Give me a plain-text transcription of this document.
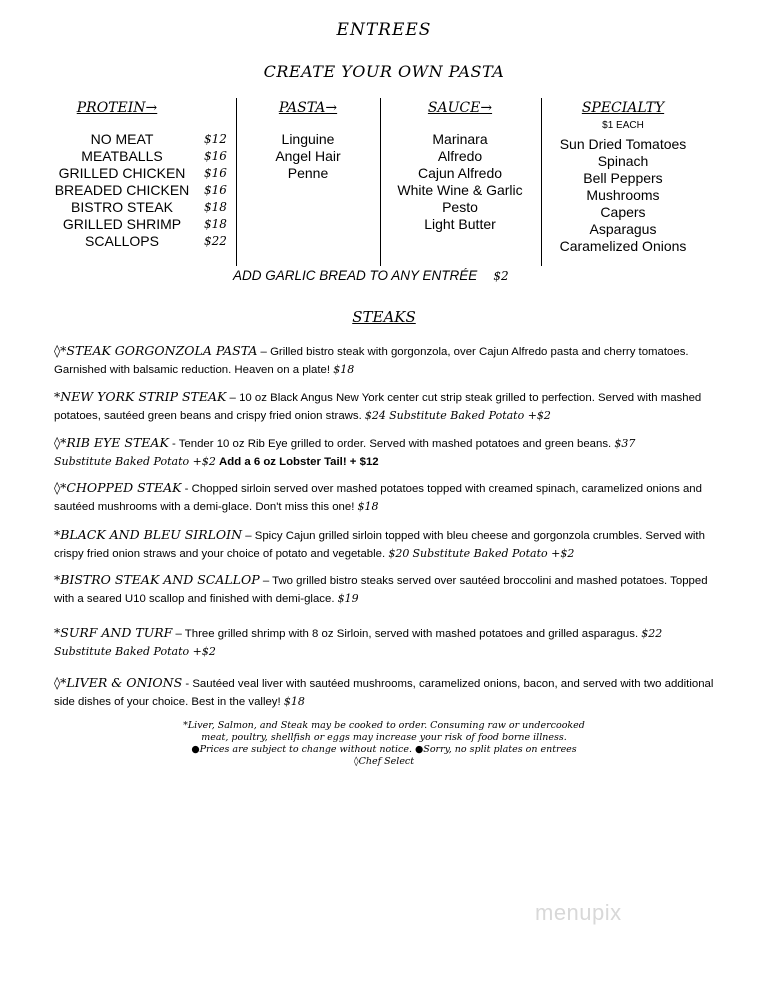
ENTREES
CREATE YOUR OWN PASTA
PROTEIN→
NO MEAT	$12
MEATBALLS	$16
GRILLED CHICKEN	$16
BREADED CHICKEN $16
BISTRO STEAK	$18
GRILLED SHRIMP	$18
SCALLOPS	$22
PASTA→
Linguine
Angel Hair
Penne
SAUCE→
Marinara
Alfredo
Cajun Alfredo
White Wine & Garlic
Pesto
Light Butter
SPECIALTY
$1 EACH
Sun Dried Tomatoes
Spinach
Bell Peppers
Mushrooms
Capers
Asparagus
Caramelized Onions
ADD GARLIC BREAD TO ANY ENTRÉE $2
STEAKS
◊*STEAK GORGONZOLA PASTA – Grilled bistro steak with gorgonzola, over Cajun Alfredo pasta and cherry tomatoes. Garnished with balsamic reduction. Heaven on a plate! $18
*NEW YORK STRIP STEAK – 10 oz Black Angus New York center cut strip steak grilled to perfection. Served with mashed potatoes, sautéed green beans and crispy fried onion straws. $24 Substitute Baked Potato +$2
◊*RIB EYE STEAK - Tender 10 oz Rib Eye grilled to order. Served with mashed potatoes and green beans. $37
Substitute Baked Potato +$2 Add a 6 oz Lobster Tail! + $12
◊*CHOPPED STEAK - Chopped sirloin served over mashed potatoes topped with creamed spinach, caramelized onions and sautéed mushrooms with a demi-glace. Don't miss this one! $18
*BLACK AND BLEU SIRLOIN – Spicy Cajun grilled sirloin topped with bleu cheese and gorgonzola crumbles. Served with crispy fried onion straws and your choice of potato and vegetable. $20 Substitute Baked Potato +$2
*BISTRO STEAK AND SCALLOP – Two grilled bistro steaks served over sautéed broccolini and mashed potatoes. Topped with a seared U10 scallop and finished with demi-glace. $19
*SURF AND TURF – Three grilled shrimp with 8 oz Sirloin, served with mashed potatoes and grilled asparagus. $22
Substitute Baked Potato +$2
◊*LIVER & ONIONS - Sautéed veal liver with sautéed mushrooms, caramelized onions, bacon, and served with two additional side dishes of your choice. Best in the valley! $18
*Liver, Salmon, and Steak may be cooked to order. Consuming raw or undercooked
meat, poultry, shellfish or eggs may increase your risk of food borne illness.
●Prices are subject to change without notice. ●Sorry, no split plates on entrees
◊Chef Select
menupix
